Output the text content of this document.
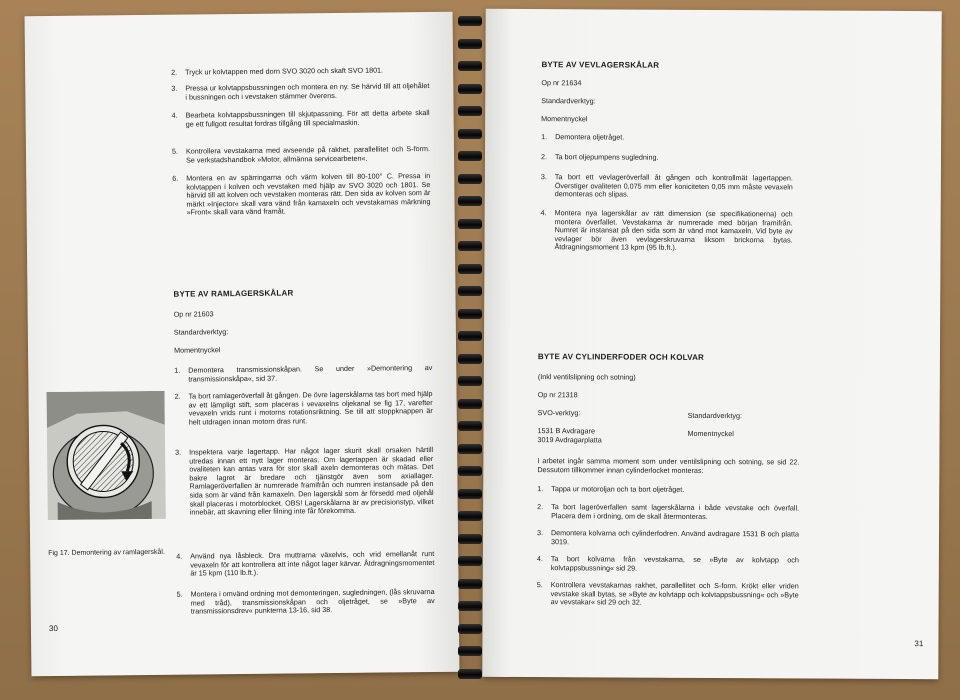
2.	Tryck ur kolvtappen med dorn SVO 3020 och skaft SVO 1801.
3.	Pressa ur kolvtappsbussningen och montera en ny. Se härvid till att oljehålet i bussningen och i vevstaken stämmer överens.
4.	Bearbeta kolvtappsbussningen till skjutpassning. För att detta arbete skall ge ett fullgott resultat fordras tillgång till specialmaskin.
5.	Kontrollera vevstakarna med avseende på rakhet, parallellitet och S-form. Se verkstadshandbok »Motor, allmänna servicearbeten«.
6.	Montera en av spärringarna och värm kolven till 80-100° C. Pressa in kolvtappen i kolven och vevstaken med hjälp av SVO 3020 och 1801. Se härvid till att kolven och vevstaken monteras rätt. Den sida av kolven som är märkt »Injector« skall vara vänd från kamaxeln och vevstakarnas märkning »Front« skall vara vänd framåt.
BYTE AV RAMLAGERSKÅLAR
Op nr 21603
Standardverktyg:
Momentnyckel
1.	Demontera transmissionskåpan. Se under »Demontering av transmissionskåpa«, sid 37.
2.	Ta bort ramlageröverfall åt gången. De övre lagerskålarna tas bort med hjälp av ett lämpligt stift, som placeras i vevaxelns oljekanal se fig 17, varefter vevaxeln vrids runt i motorns rotationsriktning. Se till att stoppknappen är helt utdragen innan motorn dras runt.
3.	Inspektera varje lagertapp. Har något lager skurit skall orsaken härtill utredas innan ett nytt lager monteras. Om lagertappen är skadad eller ovaliteten kan antas vara för stor skall axeln demonteras och mätas. Det bakre lagret är bredare och tjänstgör även som axiallager. Ramlageröverfallen är numrerade framifrån och numren instansade på den sida som är vänd från kamaxeln. Den lagerskål som är försedd med oljehål skall placeras i motorblocket. OBS! Lagerskålarna är av precisionstyp, vilket innebär, att skavning eller filning inte får förekomma.
4.	Använd nya låsbleck. Dra muttrarna växelvis, och vrid emellanåt runt vevaxeln för att kontrollera att inte något lager kärvar. Åtdragningsmomentet är 15 kpm (110 lb.ft.).
5.	Montera i omvänd ordning mot demonteringen, sugledningen, (lås skruvarna med tråd), transmissionskåpan och oljetråget, se »Byte av transmissionsdrev« punkterna 13-16, sid 38.
Fig 17. Demontering av ramlagerskål.
30
BYTE AV VEVLAGERSKÅLAR
Op nr 21634
Standardverktyg:
Momentnyckel
1.	Demontera oljetråget.
2.	Ta bort oljepumpens sugledning.
3.	Ta bort ett vevlageröverfall åt gången och kontrollmät lagertappen. Överstiger ovaliteten 0,075 mm eller koniciteten 0,05 mm måste vevaxeln demonteras och slipas.
4.	Montera nya lagerskålar av rätt dimension (se specifikationerna) och montera överfallet. Vevstakarna är numrerade med början framifrån. Numret är instansat på den sida som är vänd mot kamaxeln. Vid byte av vevlager bör även vevlagerskruvarna liksom brickorna bytas. Åtdragningsmoment 13 kpm (95 lb.ft.).
BYTE AV CYLINDERFODER OCH KOLVAR
(Inkl ventilslipning och sotning)
Op nr 21318
SVO-verktyg:	Standardverktyg:
1531 B Avdragare
3019 Avdragarplatta
Momentnyckel
I arbetet ingår samma moment som under ventilslipning och sotning, se sid 22. Dessutom tillkommer innan cylinderlocket monteras:
1.	Tappa ur motoroljan och ta bort oljetråget.
2.	Ta bort lageröverfallen samt lagerskålarna i både vevstake och överfall. Placera dem i ordning, om de skall återmonteras.
3.	Demontera kolvarna och cylinderfodren. Använd avdragare 1531 B och platta 3019.
4.	Ta bort kolvarna från vevstakarna, se »Byte av kolvtapp och kolvtappsbussning« sid 29.
5.	Kontrollera vevstakarnas rakhet, parallellitet och S-form. Krökt eller vriden vevstake skall bytas, se »Byte av kolvtapp och kolvtappsbussning« och »Byte av vevstakar« sid 29 och 32.
31
